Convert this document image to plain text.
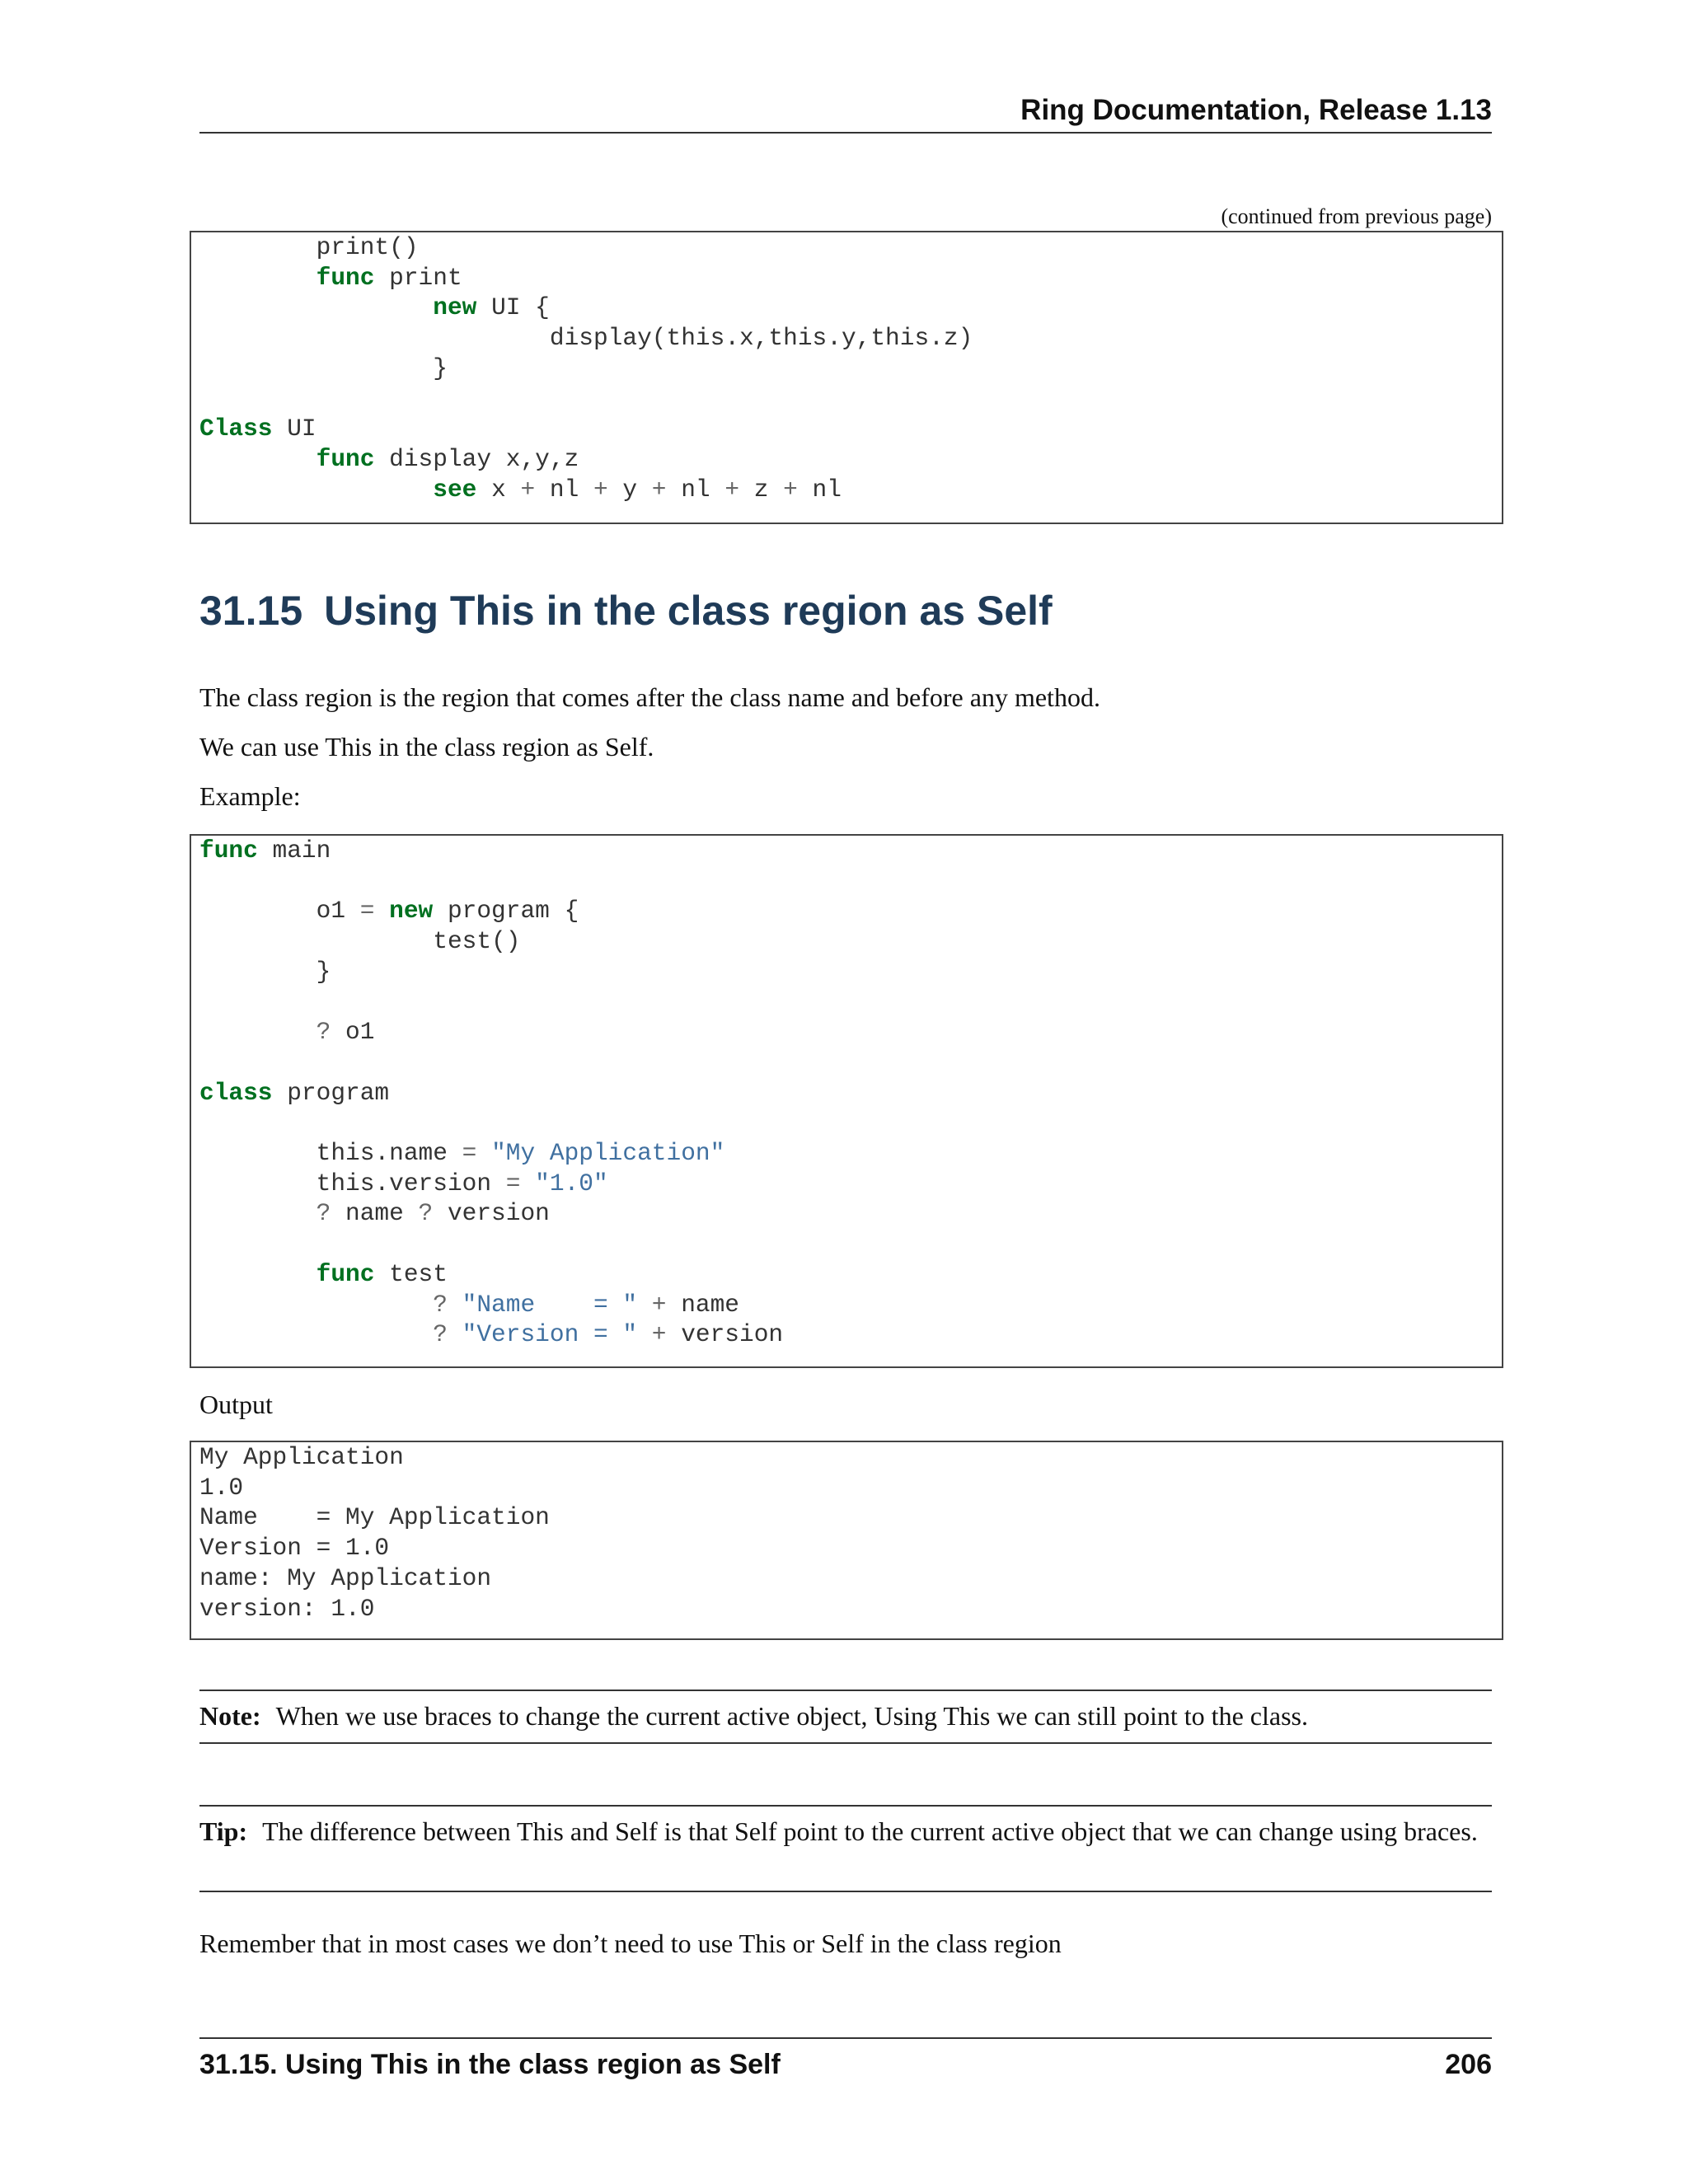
Ring Documentation, Release 1.13
(continued from previous page)
print()
func print
new UI {
display(this.x,this.y,this.z)
}

Class UI
func display x,y,z
see x + nl + y + nl + z + nl
31.15 Using This in the class region as Self

The class region is the region that comes after the class name and before any method.

We can use This in the class region as Self.

Example:

func main

o1 = new program {
test()
}

? o1

class program

this.name = "My Application"
this.version = "1.0"
? name ? version

func test
? "Name    = " + name
? "Version = " + version

Output

My Application
1.0
Name    = My Application
Version = 1.0
name: My Application
version: 1.0

Note: When we use braces to change the current active object, Using This we can still point to the class.

Tip: The difference between This and Self is that Self point to the current active object that we can change using braces.

Remember that in most cases we don’t need to use This or Self in the class region

31.15. Using This in the class region as Self	206
